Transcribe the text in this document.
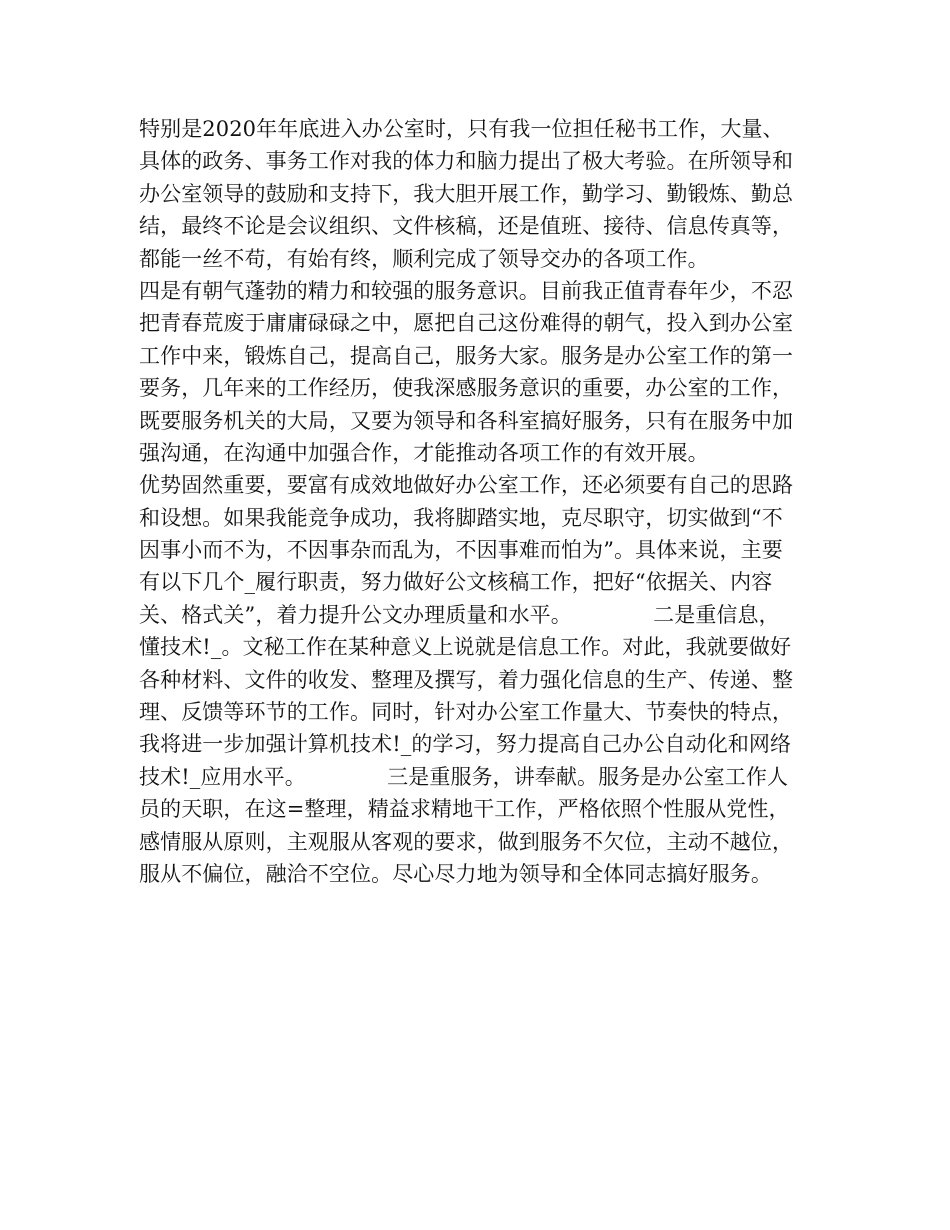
特别是2020年年底进入办公室时，只有我一位担任秘书工作，大量、
具体的政务、事务工作对我的体力和脑力提出了极大考验。在所领导和
办公室领导的鼓励和支持下，我大胆开展工作，勤学习、勤锻炼、勤总
结，最终不论是会议组织、文件核稿，还是值班、接待、信息传真等，
都能一丝不苟，有始有终，顺利完成了领导交办的各项工作。
四是有朝气蓬勃的精力和较强的服务意识。目前我正值青春年少，不忍
把青春荒废于庸庸碌碌之中，愿把自己这份难得的朝气，投入到办公室
工作中来，锻炼自己，提高自己，服务大家。服务是办公室工作的第一
要务，几年来的工作经历，使我深感服务意识的重要，办公室的工作，
既要服务机关的大局，又要为领导和各科室搞好服务，只有在服务中加
强沟通，在沟通中加强合作，才能推动各项工作的有效开展。
优势固然重要，要富有成效地做好办公室工作，还必须要有自己的思路
和设想。如果我能竞争成功，我将脚踏实地，克尽职守，切实做到“不
因事小而不为，不因事杂而乱为，不因事难而怕为”。具体来说，主要
有以下几个_履行职责，努力做好公文核稿工作，把好“依据关、内容
关、格式关”，着力提升公文办理质量和水平。            二是重信息，
懂技术!_。文秘工作在某种意义上说就是信息工作。对此，我就要做好
各种材料、文件的收发、整理及撰写，着力强化信息的生产、传递、整
理、反馈等环节的工作。同时，针对办公室工作量大、节奏快的特点，
我将进一步加强计算机技术!_的学习，努力提高自己办公自动化和网络
技术!_应用水平。            三是重服务，讲奉献。服务是办公室工作人
员的天职，在这=整理，精益求精地干工作，严格依照个性服从党性，
感情服从原则，主观服从客观的要求，做到服务不欠位，主动不越位，
服从不偏位，融洽不空位。尽心尽力地为领导和全体同志搞好服务。
